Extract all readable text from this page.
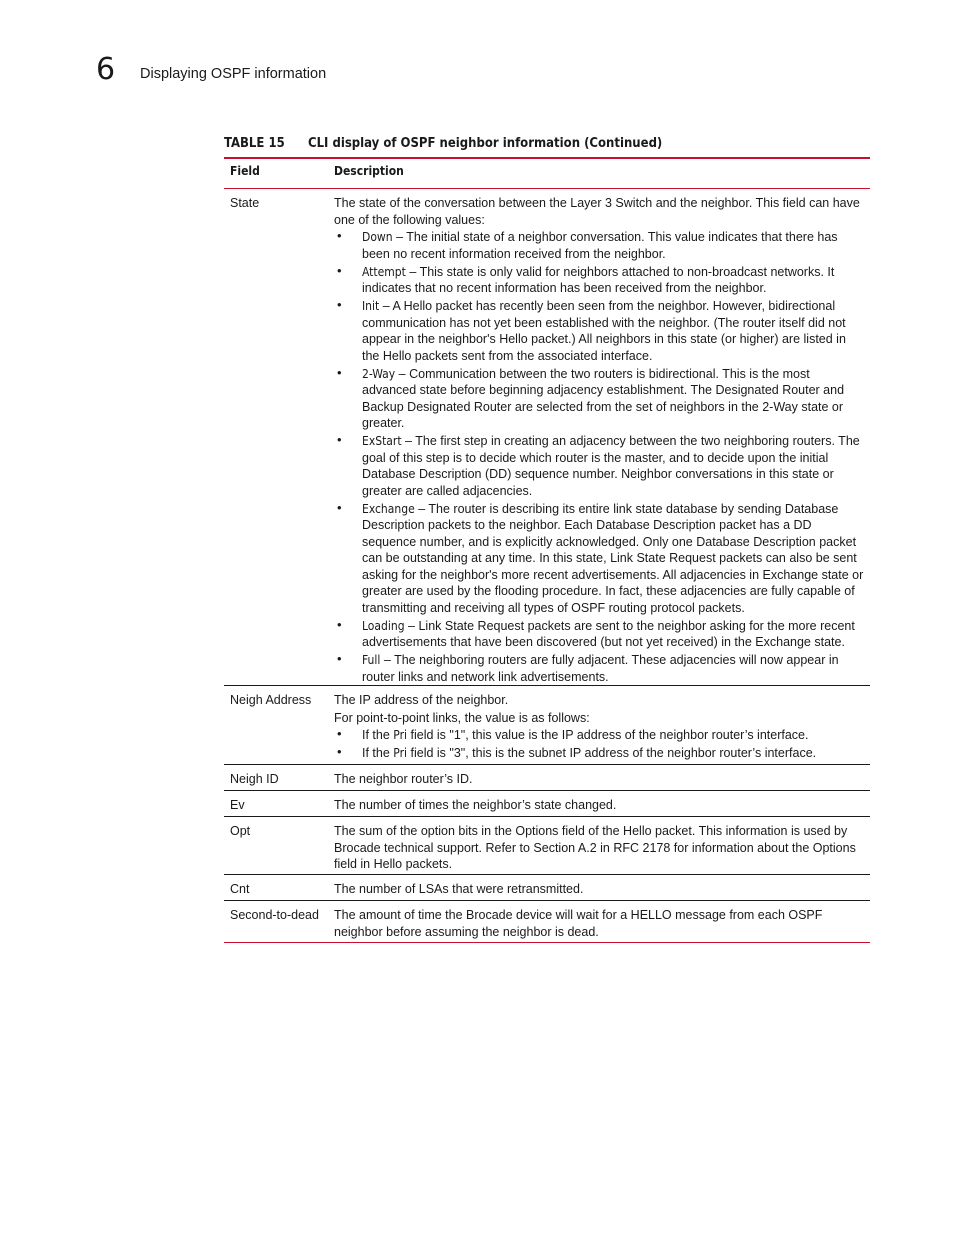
6 Displaying OSPF information
TABLE 15 CLI display of OSPF neighbor information (Continued)
Field	Description
State	The state of the conversation between the Layer 3 Switch and the neighbor. This field can have one of the following values:

• Down – The initial state of a neighbor conversation. This value indicates that there has been no recent information received from the neighbor.
• Attempt – This state is only valid for neighbors attached to non-broadcast networks. It indicates that no recent information has been received from the neighbor.
• Init – A Hello packet has recently been seen from the neighbor. However, bidirectional communication has not yet been established with the neighbor. (The router itself did not appear in the neighbor's Hello packet.) All neighbors in this state (or higher) are listed in the Hello packets sent from the associated interface.
• 2-Way – Communication between the two routers is bidirectional. This is the most advanced state before beginning adjacency establishment. The Designated Router and Backup Designated Router are selected from the set of neighbors in the 2-Way state or greater.
• ExStart – The first step in creating an adjacency between the two neighboring routers. The goal of this step is to decide which router is the master, and to decide upon the initial Database Description (DD) sequence number. Neighbor conversations in this state or greater are called adjacencies.
• Exchange – The router is describing its entire link state database by sending Database Description packets to the neighbor. Each Database Description packet has a DD sequence number, and is explicitly acknowledged. Only one Database Description packet can be outstanding at any time. In this state, Link State Request packets can also be sent asking for the neighbor's more recent advertisements. All adjacencies in Exchange state or greater are used by the flooding procedure. In fact, these adjacencies are fully capable of transmitting and receiving all types of OSPF routing protocol packets.
• Loading – Link State Request packets are sent to the neighbor asking for the more recent advertisements that have been discovered (but not yet received) in the Exchange state.
• Full – The neighboring routers are fully adjacent. These adjacencies will now appear in router links and network link advertisements.
Neigh Address	The IP address of the neighbor.

For point-to-point links, the value is as follows:

• If the Pri field is "1", this value is the IP address of the neighbor router’s interface.
• If the Pri field is "3", this is the subnet IP address of the neighbor router’s interface.
Neigh ID	The neighbor router’s ID.
Ev	The number of times the neighbor’s state changed.
Opt	The sum of the option bits in the Options field of the Hello packet. This information is used by Brocade technical support. Refer to Section A.2 in RFC 2178 for information about the Options field in Hello packets.
Cnt	The number of LSAs that were retransmitted.
Second-to-dead	The amount of time the Brocade device will wait for a HELLO message from each OSPF neighbor before assuming the neighbor is dead.
